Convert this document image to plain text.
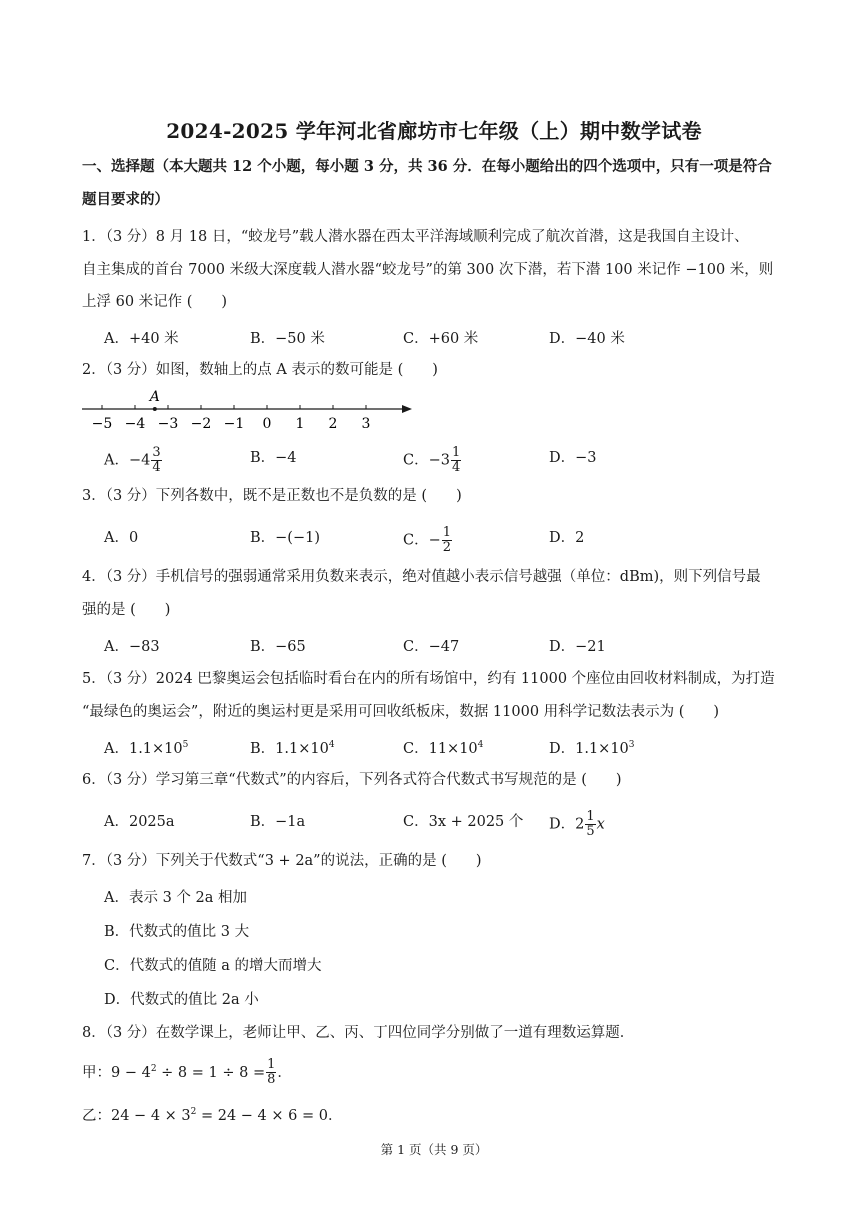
2024-2025 学年河北省廊坊市七年级（上）期中数学试卷
一、选择题（本大题共 12 个小题，每小题 3 分，共 36 分．在每小题给出的四个选项中，只有一项是符合
题目要求的）
1．（3 分）8 月 18 日，“蛟龙号”载人潜水器在西太平洋海域顺利完成了航次首潜，这是我国自主设计、
自主集成的首台 7000 米级大深度载人潜水器“蛟龙号”的第 300 次下潜，若下潜 100 米记作 −100 米，则
上浮 60 米记作 (　　)
A．+40 米	B．−50 米	C．+60 米	D．−40 米
2．（3 分）如图，数轴上的点 A 表示的数可能是 (　　)
−5 −4 −3 −2 −1 0 1 2 3
A
A．$-4 \frac{3}{4}$	B．−4	C．$-3 \frac{1}{4}$	D．−3
3．（3 分）下列各数中，既不是正数也不是负数的是 (　　)
A．0	B．−(−1)	C．− $\frac{1}{2}$	D．2
4．（3 分）手机信号的强弱通常采用负数来表示，绝对值越小表示信号越强（单位：dBm)，则下列信号最
强的是 (　　)
A．−83	B．−65	C．−47	D．−21
5．（3 分）2024 巴黎奥运会包括临时看台在内的所有场馆中，约有 11000 个座位由回收材料制成，为打造
“最绿色的奥运会”，附近的奥运村更是采用可回收纸板床，数据 11000 用科学记数法表示为 (　　)
A．$1.1\times 10^5$	B．$1.1\times 10^4$	C．$11\times 10^4$	D．$1.1\times 10^3$
6．（3 分）学习第三章“代数式”的内容后，下列各式符合代数式书写规范的是 (　　)
A．2025a	B．−1a	C．3x + 2025 个 D．$2 \frac{1}{5}$ x
7．（3 分）下列关于代数式“3 + 2a”的说法，正确的是 (　　)
A．表示 3 个 2a 相加
B．代数式的值比 3 大
C．代数式的值随 a 的增大而增大
D．代数式的值比 2a 小
8．（3 分）在数学课上，老师让甲、乙、丙、丁四位同学分别做了一道有理数运算题．
甲：$9 - 4^2 \div 8 = 1 \div 8 = \frac{1}{8}$ ．
乙：$24 - 4 \times 3^2 = 24 - 4 \times 6 = 0$．
第 1 页（共 9 页）
